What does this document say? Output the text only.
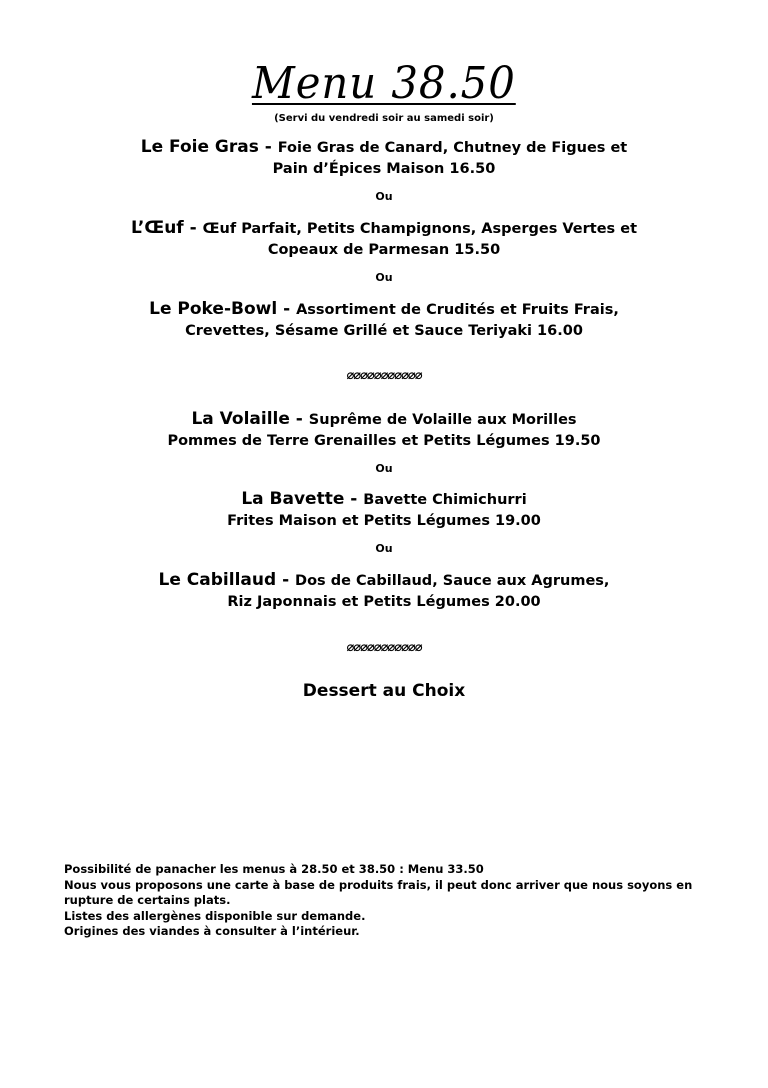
Menu 38.50
(Servi du vendredi soir au samedi soir)
Le Foie Gras - Foie Gras de Canard, Chutney de Figues et
Pain d’Épices Maison 16.50
Ou
L’Œuf - Œuf Parfait, Petits Champignons, Asperges Vertes et
Copeaux de Parmesan 15.50
Ou
Le Poke-Bowl - Assortiment de Crudités et Fruits Frais,
Crevettes, Sésame Grillé et Sauce Teriyaki 16.00
⌀⌀⌀⌀⌀⌀⌀⌀⌀⌀⌀
La Volaille - Suprême de Volaille aux Morilles
Pommes de Terre Grenailles et Petits Légumes 19.50
Ou
La Bavette - Bavette Chimichurri
Frites Maison et Petits Légumes 19.00
Ou
Le Cabillaud - Dos de Cabillaud, Sauce aux Agrumes,
Riz Japonnais et Petits Légumes 20.00
⌀⌀⌀⌀⌀⌀⌀⌀⌀⌀⌀
Dessert au Choix
Possibilité de panacher les menus à 28.50 et 38.50 : Menu 33.50
Nous vous proposons une carte à base de produits frais, il peut donc arriver que nous soyons en
rupture de certains plats.
Listes des allergènes disponible sur demande.
Origines des viandes à consulter à l’intérieur.
